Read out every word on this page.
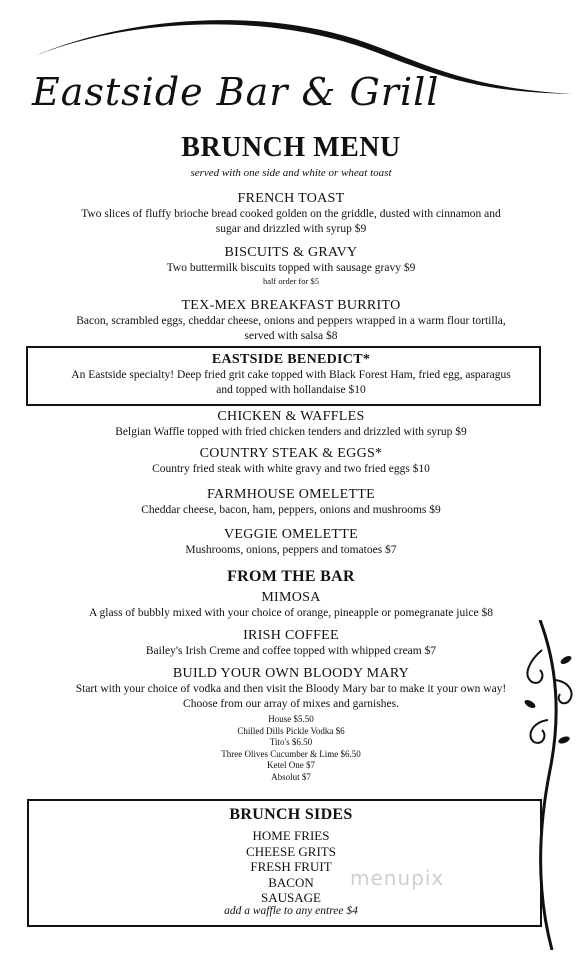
Eastside Bar & Grill
BRUNCH MENU
served with one side and white or wheat toast
FRENCH TOAST
Two slices of fluffy brioche bread cooked golden on the griddle, dusted with cinnamon and
sugar and drizzled with syrup $9
BISCUITS & GRAVY
Two buttermilk biscuits topped with sausage gravy $9
half order for $5
TEX-MEX BREAKFAST BURRITO
Bacon, scrambled eggs, cheddar cheese, onions and peppers wrapped in a warm flour tortilla,
served with salsa $8
EASTSIDE BENEDICT*
An Eastside specialty! Deep fried grit cake topped with Black Forest Ham, fried egg, asparagus
and topped with hollandaise $10
CHICKEN & WAFFLES
Belgian Waffle topped with fried chicken tenders and drizzled with syrup $9
COUNTRY STEAK & EGGS*
Country fried steak with white gravy and two fried eggs $10
FARMHOUSE OMELETTE
Cheddar cheese, bacon, ham, peppers, onions and mushrooms $9
VEGGIE OMELETTE
Mushrooms, onions, peppers and tomatoes $7
FROM THE BAR
MIMOSA
A glass of bubbly mixed with your choice of orange, pineapple or pomegranate juice $8
IRISH COFFEE
Bailey's Irish Creme and coffee topped with whipped cream $7
BUILD YOUR OWN BLOODY MARY
Start with your choice of vodka and then visit the Bloody Mary bar to make it your own way!
Choose from our array of mixes and garnishes.
House $5.50
Chilled Dills Pickle Vodka $6
Tito's $6.50
Three Olives Cucumber & Lime $6.50
Ketel One $7
Absolut $7
BRUNCH SIDES
HOME FRIES
CHEESE GRITS
FRESH FRUIT
BACON
SAUSAGE
add a waffle to any entree $4
menupix
